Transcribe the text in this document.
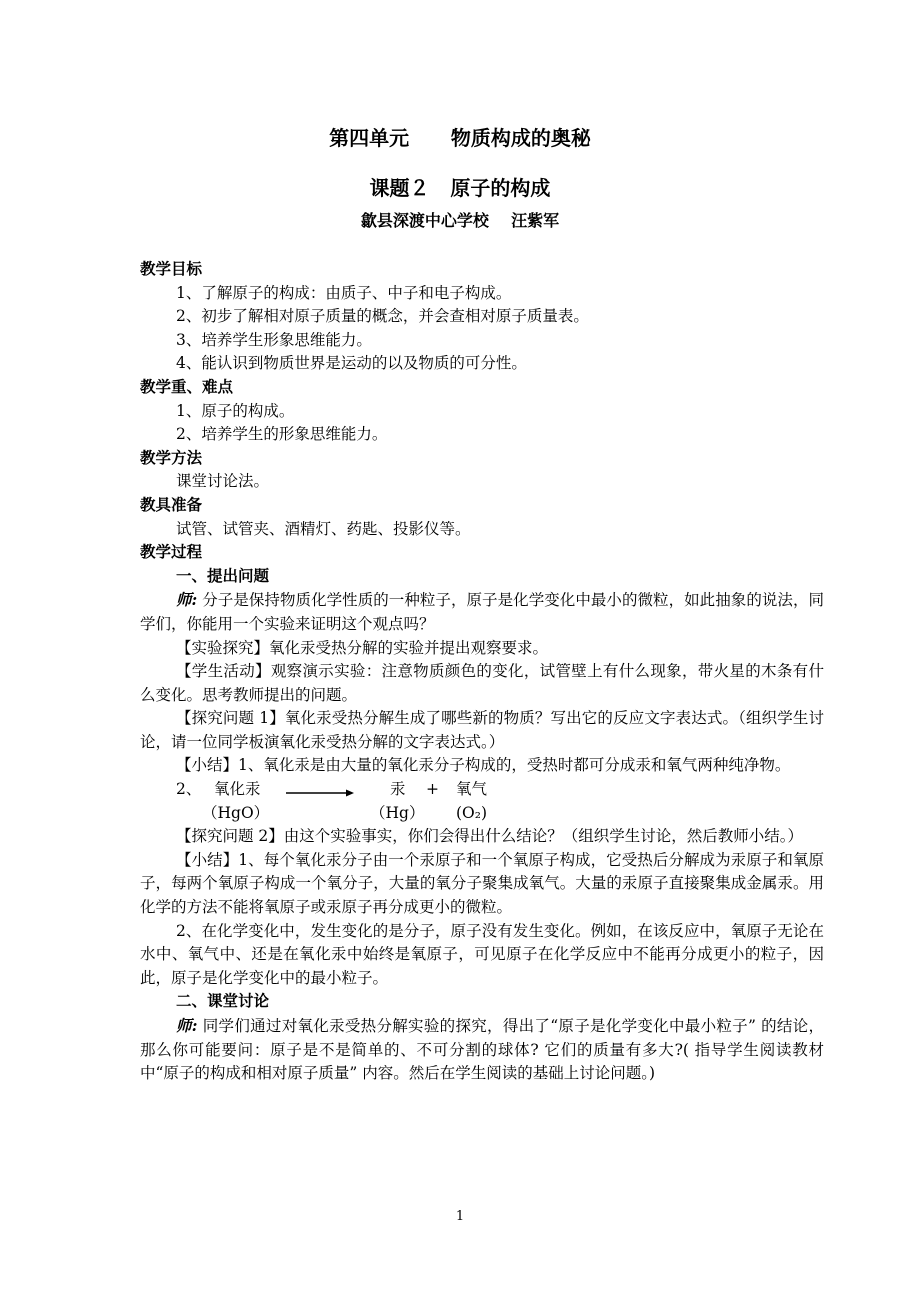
第四单元      物质构成的奥秘
课题２   原子的构成
歙县深渡中心学校    汪紫军

教学目标

1、了解原子的构成：由质子、中子和电子构成。

2、初步了解相对原子质量的概念，并会查相对原子质量表。

3、培养学生形象思维能力。

4、能认识到物质世界是运动的以及物质的可分性。

教学重、难点

1、原子的构成。

2、培养学生的形象思维能力。

教学方法

课堂讨论法。

教具准备

试管、试管夹、酒精灯、药匙、投影仪等。

教学过程

一、提出问题

师: 分子是保持物质化学性质的一种粒子，原子是化学变化中最小的微粒，如此抽象的说法，同学们，你能用一个实验来证明这个观点吗？

【实验探究】氧化汞受热分解的实验并提出观察要求。

【学生活动】观察演示实验：注意物质颜色的变化，试管壁上有什么现象，带火星的木条有什么变化。思考教师提出的问题。

【探究问题 1】氧化汞受热分解生成了哪些新的物质？写出它的反应文字表达式。（组织学生讨论，请一位同学板演氧化汞受热分解的文字表达式。）

【小结】1、氧化汞是由大量的氧化汞分子构成的，受热时都可分成汞和氧气两种纯净物。

2、 氧化汞	汞 + 氧气
（HgO）	（Hg） (O₂)

【探究问题 2】由这个实验事实，你们会得出什么结论？（组织学生讨论，然后教师小结。）

【小结】1、每个氧化汞分子由一个汞原子和一个氧原子构成，它受热后分解成为汞原子和氧原子，每两个氧原子构成一个氧分子，大量的氧分子聚集成氧气。大量的汞原子直接聚集成金属汞。用化学的方法不能将氧原子或汞原子再分成更小的微粒。

2、在化学变化中，发生变化的是分子，原子没有发生变化。例如，在该反应中，氧原子无论在水中、氧气中、还是在氧化汞中始终是氧原子，可见原子在化学反应中不能再分成更小的粒子，因此，原子是化学变化中的最小粒子。

二、课堂讨论

师: 同学们通过对氧化汞受热分解实验的探究，得出了“原子是化学变化中最小粒子” 的结论，那么你可能要问：原子是不是简单的、不可分割的球体? 它们的质量有多大?( 指导学生阅读教材中“原子的构成和相对原子质量” 内容。然后在学生阅读的基础上讨论问题。)

1
